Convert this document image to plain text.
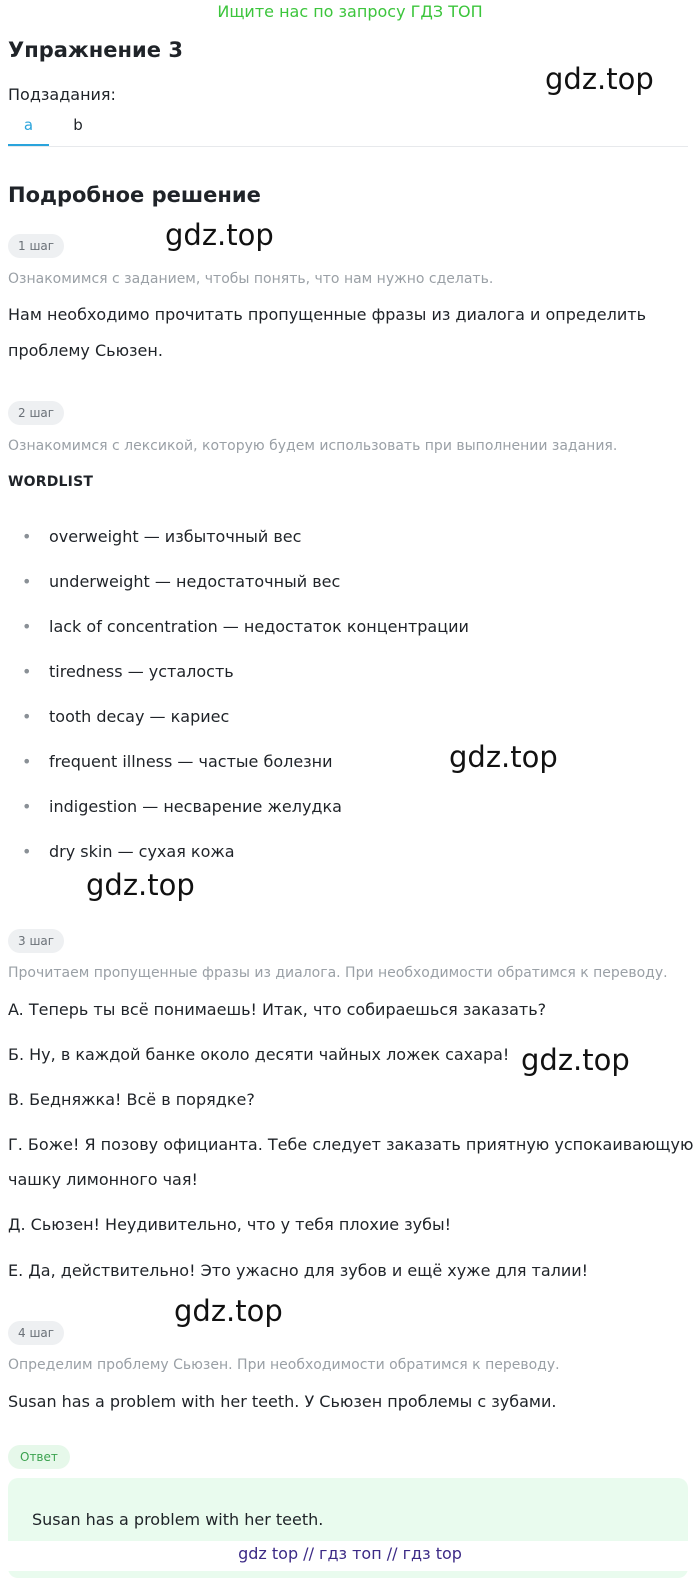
Ищите нас по запросу ГДЗ ТОП
Упражнение 3
Подзадания:
a	b
Подробное решение
1 шаг
Ознакомимся с заданием, чтобы понять, что нам нужно сделать.
Нам необходимо прочитать пропущенные фразы из диалога и определить проблему Сьюзен.
2 шаг
Ознакомимся с лексикой, которую будем использовать при выполнении задания.
WORDLIST
• overweight — избыточный вес
• underweight — недостаточный вес
• lack of concentration — недостаток концентрации
• tiredness — усталость
• tooth decay — кариес
• frequent illness — частые болезни
• indigestion — несварение желудка
• dry skin — сухая кожа
3 шаг
Прочитаем пропущенные фразы из диалога. При необходимости обратимся к переводу.
A. Теперь ты всё понимаешь! Итак, что собираешься заказать?
Б. Ну, в каждой банке около десяти чайных ложек сахара!
В. Бедняжка! Всё в порядке?
Г. Боже! Я позову официанта. Тебе следует заказать приятную успокаивающую
чашку лимонного чая!
Д. Сьюзен! Неудивительно, что у тебя плохие зубы!
Е. Да, действительно! Это ужасно для зубов и ещё хуже для талии!
4 шаг
Определим проблему Сьюзен. При необходимости обратимся к переводу.
Susan has a problem with her teeth. У Сьюзен проблемы с зубами.
Ответ
Susan has a problem with her teeth.
gdz.top
gdz.top
gdz.top
gdz.top
gdz.top
gdz.top
gdz top // гдз топ // гдз top
